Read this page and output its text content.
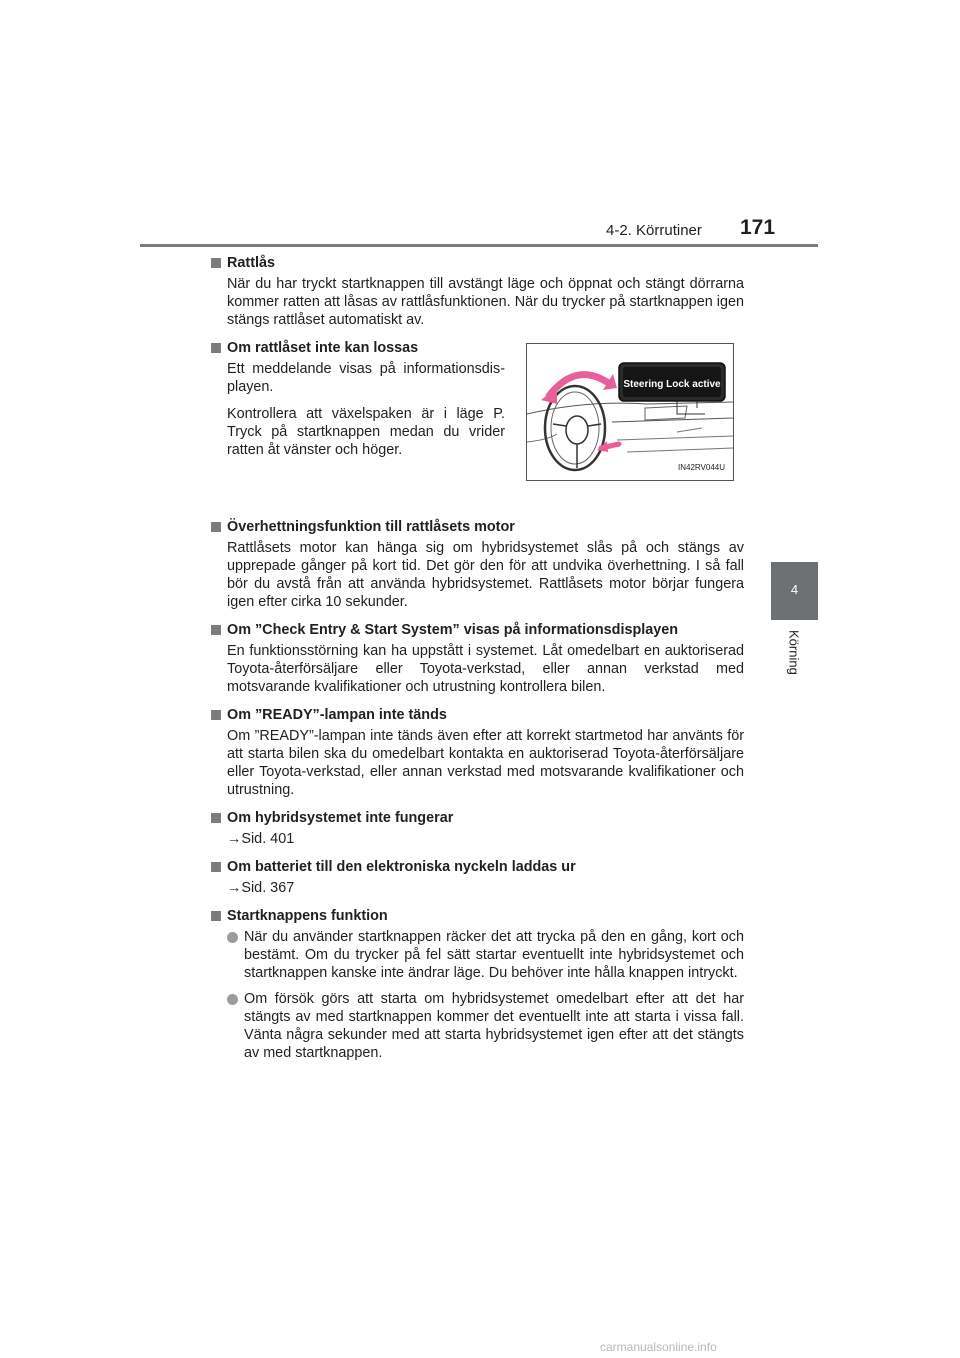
4-2. Körrutiner 171
4
Körning
Rattlås

När du har tryckt startknappen till avstängt läge och öppnat och stängt dörrarna kommer ratten att låsas av rattlåsfunktionen. När du trycker på startknappen igen stängs rattlåset automatiskt av.

Om rattlåset inte kan lossas

Ett meddelande visas på informationsdis-playen.

Kontrollera att växelspaken är i läge P. Tryck på startknappen medan du vrider ratten åt vänster och höger.

Steering Lock active
IN42RV044U
Överhettningsfunktion till rattlåsets motor

Rattlåsets motor kan hänga sig om hybridsystemet slås på och stängs av upprepade gånger på kort tid. Det gör den för att undvika överhettning. I så fall bör du avstå från att använda hybridsystemet. Rattlåsets motor börjar fungera igen efter cirka 10 sekunder.

Om ”Check Entry & Start System” visas på informationsdisplayen

En funktionsstörning kan ha uppstått i systemet. Låt omedelbart en auktoriserad Toyota-återförsäljare eller Toyota-verkstad, eller annan verkstad med motsvarande kvalifikationer och utrustning kontrollera bilen.

Om ”READY”-lampan inte tänds

Om ”READY”-lampan inte tänds även efter att korrekt startmetod har använts för att starta bilen ska du omedelbart kontakta en auktoriserad Toyota-återförsäljare eller Toyota-verkstad, eller annan verkstad med motsvarande kvalifikationer och utrustning.

Om hybridsystemet inte fungerar

→Sid. 401

Om batteriet till den elektroniska nyckeln laddas ur

→Sid. 367

Startknappens funktion
När du använder startknappen räcker det att trycka på den en gång, kort och bestämt. Om du trycker på fel sätt startar eventuellt inte hybridsystemet och startknappen kanske inte ändrar läge. Du behöver inte hålla knappen intryckt.
Om försök görs att starta om hybridsystemet omedelbart efter att det har stängts av med startknappen kommer det eventuellt inte att starta i vissa fall. Vänta några sekunder med att starta hybridsystemet igen efter att det stängts av med startknappen.
carmanualsonline.info
